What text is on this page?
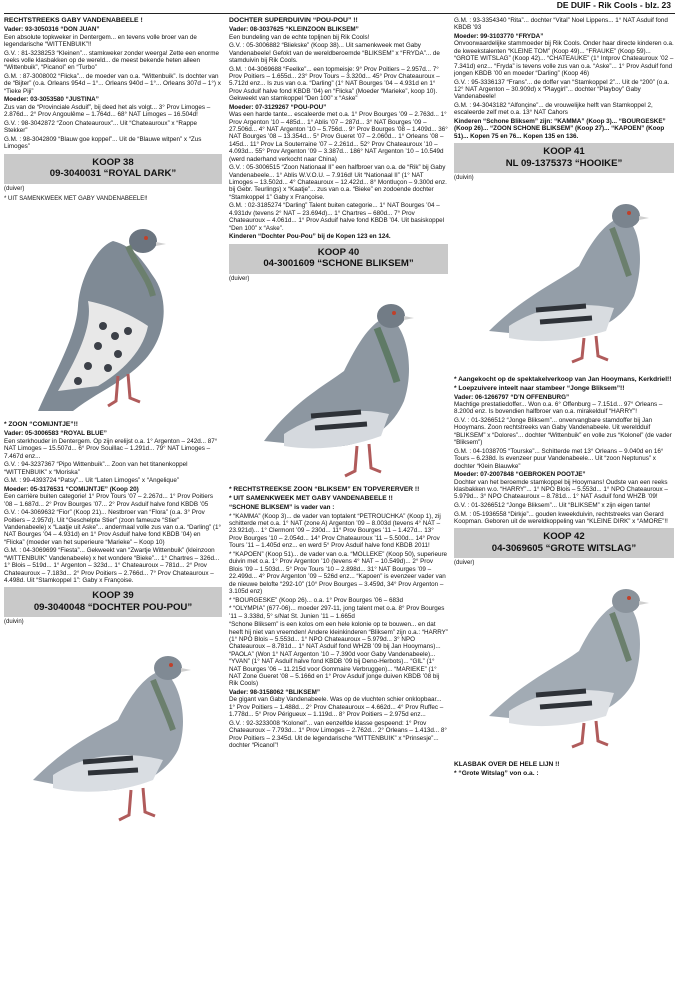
DE DUIF - Rik Cools - blz. 23

RECHTSTREEKS GABY VANDENABEELE !

Vader: 93-3050316 “DON JUAN”
Een absolute topkweker in Dentergem... en tevens volle broer van de legendarische “WITTENBUIK”!!

G.V. : 81-3238253 “Kleinen”... stamkweker zonder weerga! Zette een enorme reeks volle klasbakken op de wereld... de meest bekende heten alleen “Wittenbuik”, “Picanol” en “Turbo”

G.M. : 87-3008002 “Flicka”... de moeder van o.a. “Wittenbuik”. Is dochter van de “Bijter” (o.a. Orleans 954d – 1°... Orleans 940d – 1°... Orleans 307d – 1°) x “Tieke Piji”

Moeder: 03-3053580 “JUSTINA”
Zus van de “Provinciale Asduif”, bij deed het als volgt... 3° Prov Limoges – 2.876d... 2° Prov Angoulême – 1.764d... 68° NAT Limoges – 16.504d!

G.V. : 98-3042872 “Zoon Chateauroux”... Uit “Chateauroux” x “Rappe Stekker”

G.M. : 98-3042809 “Blauw goe koppel”... Uit de “Blauwe witpen” x “Zus Limoges”

KOOP 38
09-3040031 “ROYAL DARK”
(duiver)
* UIT SAMENKWEEK MET GABY VANDENABEELE!!

* ZOON “COMIJNTJE”!!

Vader: 05-3006583 “ROYAL BLUE”
Een sterkhouder in Dentergem. Op zijn erelijst o.a. 1° Argenton – 242d... 87° NAT Limoges – 15.507d... 6° Prov Souillac – 1.291d... 79° NAT Limoges – 7.467d enz...

G.V. : 94-3237367 “Pipo Wittenbuik”... Zoon van het titanenkoppel “WITTENBUIK” x “Moriska”

G.M. : 99-4393724 “Patsy”... Uit “Laten Limoges” x “Angelique”

Moeder: 05-3176531 “COMIJNTJE” (Koop 20)
Een carrière buiten categorie! 1° Prov Tours ’07 – 2.267d... 1° Prov Poitiers ’08 – 1.687d... 2° Prov Bourges ’07... 2° Prov Asduif halve fond KBDB ’05

G.V. : 04-3069632 “Fior” (Koop 21)... Nestbroer van “Flora” (o.a. 3° Prov Poitiers – 2.957d). Uit “Geschelpte Stier” (zoon fameuze “Stier” Vandenabeele) x “Laatje uit Aske”... andermaal volle zus van o.a. “Darling” (1° NAT Bourges ’04 – 4.931d) en 1° Prov Asduif halve fond KBDB ’04) en “Flicka” (moeder van het superieure “Marieke” – Koop 10)

G.M. : 04-3069699 “Fiesta”... Gekweekt van “Zwartje Wittenbuik” (kleinzoon “WITTENBUIK” Vandenabeele) x het wondere “Bieke”... 1° Chartres – 326d... 1° Blois – 519d... 1° Argenton – 323d... 1° Chateauroux – 781d... 2° Prov Chateauroux – 7.183d... 2° Prov Poitiers – 2.766d... 7° Prov Chateauroux – 4.498d. Uit “Stamkoppel 1”: Gaby x Françoise.

KOOP 39
09-3040048 “DOCHTER POU-POU”
(duivin)

DOCHTER SUPERDUIVIN “POU-POU” !!

Vader: 08-3037625 “KLEINZOON BLIKSEM”
Een bundeling van de echte topljnen bij Rik Cools!

G.V. : 05-3006882 “Bliekske” (Koop 38)... Uit samenkweek met Gaby Vandenabeele! Gefokt van de wereldberoemde “BLIKSEM” x “FRYDA”... de stamduivin bij Rik Cools.

G.M. : 04-3069688 “Feelke”... een topmeisje: 9° Prov Poitiers – 2.957d... 7° Prov Poitiers – 1.655d... 23° Prov Tours – 3.320d... 45° Prov Chateauroux – 5.712d enz... Is zus van o.a. “Darling” (1° NAT Bourges ’04 – 4.931d en 1° Prov Asduif halve fond KBDB ’04) en “Flicka” (Moeder “Marieke”, koop 10). Gekweekt van stamkoppel “Den 100” x “Aske”

Moeder: 07-3129267 “POU-POU”
Was een harde tante... escaleerde met o.a. 1° Prov Bourges ’09 – 2.763d... 1° Prov Argenton ’10 – 485d... 1° Ablis ’07 – 287d... 3° NAT Bourges ’09 – 27.506d... 4° NAT Argenton ’10 – 5.756d... 9° Prov Bourges ’08 – 1.409d... 36° NAT Bourges ’08 – 13.354d... 5° Prov Gueret ’07 – 2.060d... 1° Orleans ’08 – 145d... 11° Prov La Souterraine ’07 – 2.261d... 52° Prov Chateauroux ’10 – 4.093d... 55° Prov Argenton ’09 – 3.387d... 186° NAT Argenton ’10 – 10.549d (werd naderhand verkocht naar China)

G.V. : 05-3006515 “Zoon Nationaal II” een halfbroer van o.a. de “Rik” bij Gaby Vandenabeele... 1° Ablis W.V.O.U. – 7.916d! Uit “Nationaal II” (1° NAT Limoges – 13.502d... 4° Chateauroux – 12.422d... 8° Montluçon – 9.300d enz. bij Gebr. Teurlings) x “Kaatje”... zus van o.a. “Bieke” en zodoende dochter “Stamkoppel 1” Gaby x Françoise.

G.M. : 02-3185274 “Darling” Talent buiten categorie... 1° NAT Bourges ’04 – 4.931dv (tevens 2° NAT – 23.694d)... 1° Chartres – 680d... 7° Prov Chateauroux – 4.061d... 1° Prov Asduif halve fond KBDB ’04. Uit basiskoppel “Den 100” x “Aske”.

Kinderen “Dochter Pou-Pou” bij de Kopen 123 en 124.

KOOP 40
04-3001609 “SCHONE BLIKSEM”
(duiver)

* RECHTSTREEKSE ZOON “BLIKSEM” EN TOPVERERVER !!

* UIT SAMENKWEEK MET GABY VANDENABEELE !!

“SCHONE BLIKSEM” is vader van :

* “KAMMA” (Koop 3)... de vader van toptalent “PETROUCHKA” (Koop 1), zij schitterde met o.a. 1° NAT (zone A) Argenton ’09 – 8.003d (tevens 4° NAT – 23.921d)... 1° Clermont ’09 – 230d... 11° Prov Bourges ’11 – 1.427d... 13° Prov Bourges ’10 – 2.054d... 14° Prov Chateauroux ’11 – 5.500d... 14° Prov Tours ’11 – 1.405d enz... en werd 5° Prov Asduif halve fond KBDB 2011!

* “KAPOEN” (Koop 51)... de vader van o.a. “MOLLEKE” (Koop 50), superieure duivin met o.a. 1° Prov Argenton ’10 (tevens 4° NAT – 10.549d)... 2° Prov Blois ’09 – 1.503d... 5° Prov Tours ’10 – 2.898d... 31° NAT Bourges ’09 – 22.499d... 4° Prov Argenton ’09 – 526d enz... “Kapoen” is evenzeer vader van de nieuwe belofte “292-10” (10° Prov Bourges – 3.459d, 34° Prov Argenton – 3.105d enz)

* “BOURGESKE” (Koop 26)... o.a. 1° Prov Bourges ’06 – 683d

* “OLYMPIA” (677-06)... moeder 297-11, jong talent met o.a. 8° Prov Bourges ’11 – 3.338d, 5° s/Nat St. Junien ’11 – 1.665d

“Schone Bliksem” is een kolos om een hele kolonie op te bouwen... en dat heeft hij niet van vreemden! Andere kleinkinderen “Bliksem” zijn o.a.: “HARRY” (1° NPO Blois – 5.553d... 1° NPO Chateauroux – 5.979d... 3° NPO Chateauroux – 8.781d... 1° NAT Asduif fond WHZB ’09 bij Jan Hooymans)... “PAOLA” (Won 1° NAT Argenton ’10 – 7.390d voor Gaby Vandenabeele)... “YVAN” (1° NAT Asduif halve fond KBDB ’09 bij Deno-Herbots)... “GIL” (1° NAT Bourges ’06 – 11.215d voor Gommaire Verbruggen)... “MARIEKE” (1° NAT Zone Gueret ’08 – 5.166d en 1° Prov Asduif jonge duiven KBDB ’08 bij Rik Cools)

Vader: 98-3158062 “BLIKSEM”
De gigant van Gaby Vandenabeele. Was op de vluchten schier onklopbaar... 1° Prov Poitiers – 1.488d... 2° Prov Chateauroux – 4.662d... 4° Prov Ruffec – 1.778d... 5° Prov Périgueux – 1.119d... 8° Prov Poitiers – 2.975d enz...

G.V. : 92-3233008 “Kolonel”... van eenzelfde klasse gespeend: 1° Prov Chateauroux – 7.793d... 1° Prov Limoges – 2.762d... 2° Orleans – 1.413d... 8° Prov Poitiers – 2.345d. Uit de legendarische “WITTENBUIK” x “Prinsesje”... dochter “Picanol”!

G.M. : 93-3354340 “Rita”... dochter “Vital” Noel Lippens... 1° NAT Asduif fond KBDB ’93

Moeder: 99-3103770 “FRYDA”
Onvoorwaardelijke stammoeder bij Rik Cools. Onder haar directe kinderen o.a. de kweekstalenten “KLEINE TOM” (Koop 49)... “FRAUKE” (Koop 59)... “GROTE WITSLAG” (Koop 42)... “CHATEAUKE” (1° Intprov Chateauroux ’02 – 7.341d) enz... “Fryda” is tevens volle zus van o.a. “Aske”... 1° Prov Asduif fond jongen KBDB ’00 en moeder “Darling” (Koop 46)

G.V. : 95-3336137 “Frans”... de doffer van “Stamkoppel 2”... Uit de “200” (o.a. 12° NAT Argenton – 30.909d) x “Playgirl”... dochter “Playboy” Gaby Vandenabeele!

G.M. : 94-3043182 “Alfonçine”... de vrouwelijke helft van Stamkoppel 2, escaleerde zelf met o.a. 13° NAT Cahors

Kinderen “Schone Bliksem” zijn: “KAMMA” (Koop 3)... “BOURGESKE” (Koop 26)... “ZOON SCHONE BLIKSEM” (Koop 27)... “KAPOEN” (Koop 51)... Kopen 75 en 76... Kopen 135 en 136.

KOOP 41
NL 09-1375373 “HOOIKE”
(duivin)

* Aangekocht op de spektakelverkoop van Jan Hooymans, Kerkdriel!!

* Loepzuivere inteelt naar stambeer “Jonge Bliksem”!!

Vader: 06-1266797 “D’N OFFENBURG”
Machtige prestatiedoffer... Won o.a. 6° Offenburg – 7.151d... 97° Orleans – 8.200d enz. Is bovendien halfbroer van o.a. mirakelduif “HARRY”!

G.V. : 01-3266512 “Jonge Bliksem”... onvervangbare stamdoffer bij Jan Hooymans. Zoon rechtstreeks van Gaby Vandenabeele. Uit wereldduif “BLIKSEM” x “Dolores”... dochter “Wittenbuik” en volle zus “Kolonel” (de vader “Bliksem”)

G.M. : 04-1038705 “Tourske”... Schitterde met 13° Orleans – 9.040d en 16° Tours – 6.238d. Is evenzeer puur Vandenabeele... Uit “zoon Neptunus” x dochter “Klein Blauwke”

Moeder: 07-2007848 “GEBROKEN POOTJE”
Dochter van het beroemde stamkoppel bij Hooymans! Oudste van een reeks klasbakken w.o. “HARRY”... 1° NPO Blois – 5.553d... 1° NPO Chateauroux – 5.979d... 3° NPO Chateauroux – 8.781d... 1° NAT Asduif fond WHZB ’09!

G.V. : 01-3266512 “Jonge Bliksem”... Uit “BLIKSEM” x zijn eigen tante!

G.M. : 05-1936558 “Dirkje”... gouden kweekduivin, rechtstreeks van Gerard Koopman. Geboren uit de wereldkoppeling van “KLEINE DIRK” x “AMORE”!!

KOOP 42
04-3069605 “GROTE WITSLAG”
(duiver)

KLASBAK OVER DE HELE LIJN !!

* “Grote Witslag” von o.a. :
